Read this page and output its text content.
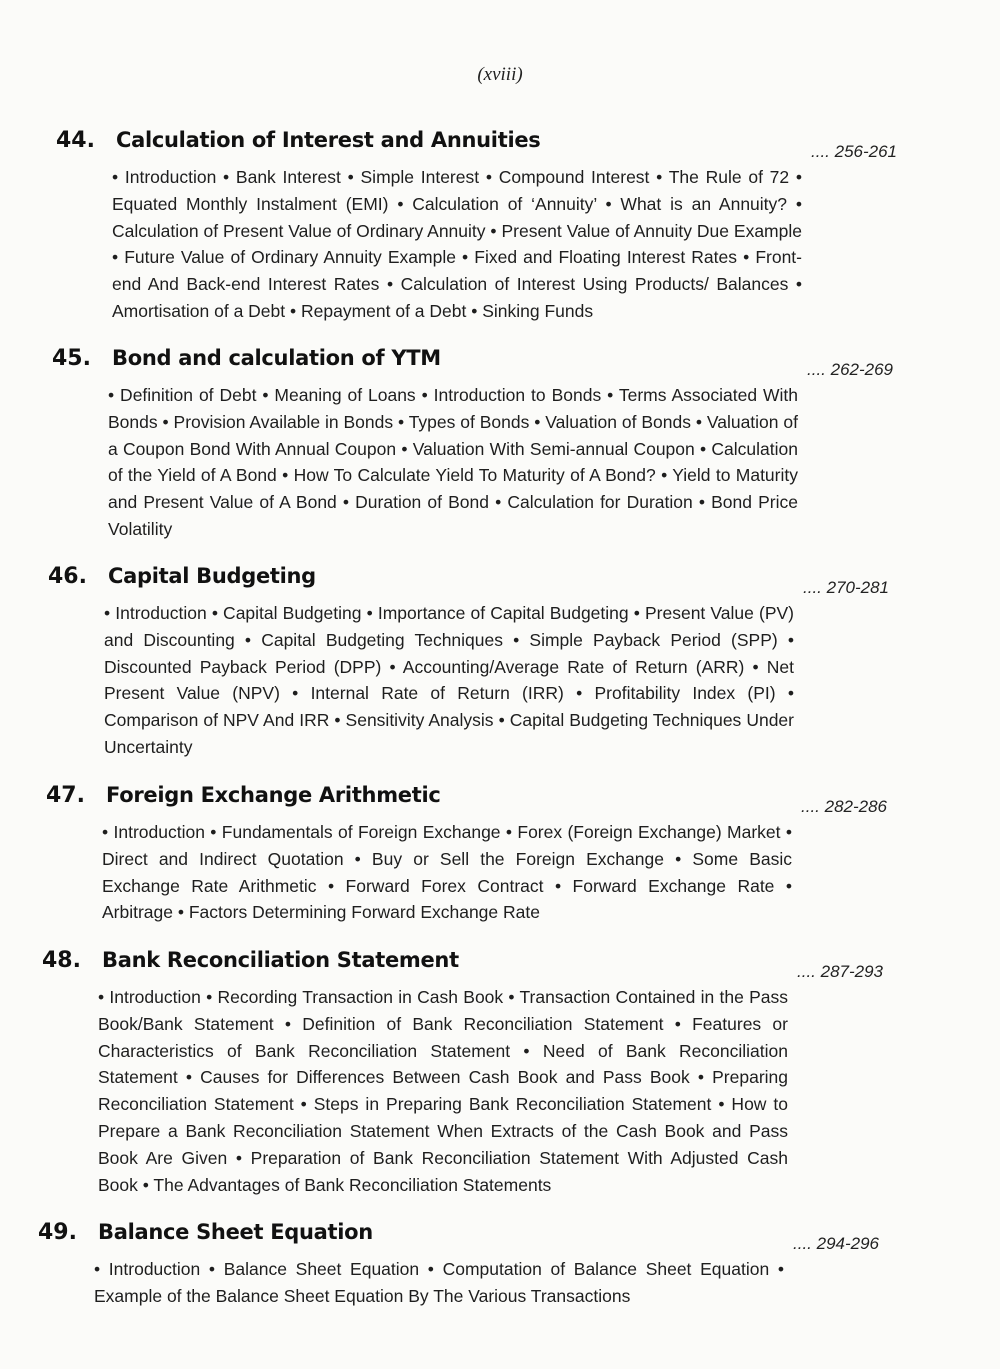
(xviii)
44. Calculation of Interest and Annuities	.... 256-261
• Introduction • Bank Interest • Simple Interest • Compound Interest • The Rule of 72 • Equated Monthly Instalment (EMI) • Calculation of ‘Annuity’ • What is an Annuity? • Calculation of Present Value of Ordinary Annuity • Present Value of Annuity Due Example • Future Value of Ordinary Annuity Example • Fixed and Floating Interest Rates • Front-end And Back-end Interest Rates • Calculation of Interest Using Products/ Balances • Amortisation of a Debt • Repayment of a Debt • Sinking Funds
45. Bond and calculation of YTM	.... 262-269
• Definition of Debt • Meaning of Loans • Introduction to Bonds • Terms Associated With Bonds • Provision Available in Bonds • Types of Bonds • Valuation of Bonds • Valuation of a Coupon Bond With Annual Coupon • Valuation With Semi-annual Coupon • Calculation of the Yield of A Bond • How To Calculate Yield To Maturity of A Bond? • Yield to Maturity and Present Value of A Bond • Duration of Bond • Calculation for Duration • Bond Price Volatility
46. Capital Budgeting	.... 270-281
• Introduction • Capital Budgeting • Importance of Capital Budgeting • Present Value (PV) and Discounting • Capital Budgeting Techniques • Simple Payback Period (SPP) • Discounted Payback Period (DPP) • Accounting/Average Rate of Return (ARR) • Net Present Value (NPV) • Internal Rate of Return (IRR) • Profitability Index (PI) • Comparison of NPV And IRR • Sensitivity Analysis • Capital Budgeting Techniques Under Uncertainty
47. Foreign Exchange Arithmetic	.... 282-286
• Introduction • Fundamentals of Foreign Exchange • Forex (Foreign Exchange) Market • Direct and Indirect Quotation • Buy or Sell the Foreign Exchange • Some Basic Exchange Rate Arithmetic • Forward Forex Contract • Forward Exchange Rate • Arbitrage • Factors Determining Forward Exchange Rate
48. Bank Reconciliation Statement	.... 287-293
• Introduction • Recording Transaction in Cash Book • Transaction Contained in the Pass Book/Bank Statement • Definition of Bank Reconciliation Statement • Features or Characteristics of Bank Reconciliation Statement • Need of Bank Reconciliation Statement • Causes for Differences Between Cash Book and Pass Book • Preparing Reconciliation Statement • Steps in Preparing Bank Reconciliation Statement • How to Prepare a Bank Reconciliation Statement When Extracts of the Cash Book and Pass Book Are Given • Preparation of Bank Reconciliation Statement With Adjusted Cash Book • The Advantages of Bank Reconciliation Statements
49. Balance Sheet Equation	.... 294-296
• Introduction • Balance Sheet Equation • Computation of Balance Sheet Equation • Example of the Balance Sheet Equation By The Various Transactions
